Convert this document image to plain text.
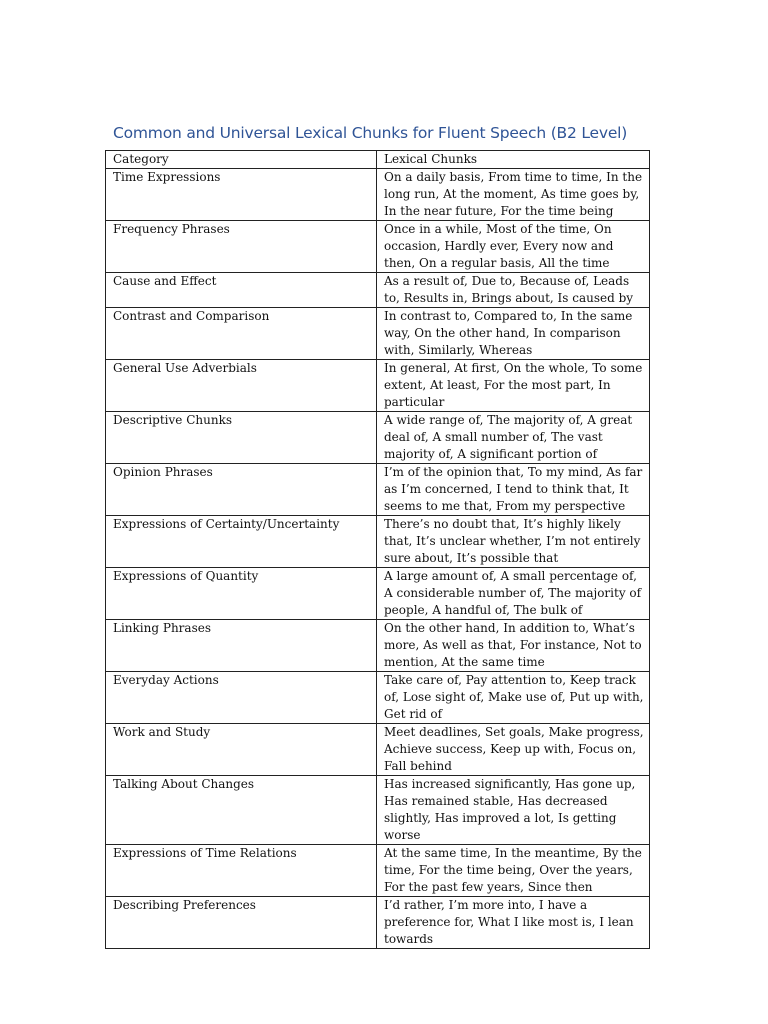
Common and Universal Lexical Chunks for Fluent Speech (B2 Level)
Category	Lexical Chunks
Time Expressions	On a daily basis, From time to time, In the long run, At the moment, As time goes by, In the near future, For the time being
Frequency Phrases	Once in a while, Most of the time, On occasion, Hardly ever, Every now and then, On a regular basis, All the time
Cause and Effect	As a result of, Due to, Because of, Leads to, Results in, Brings about, Is caused by
Contrast and Comparison	In contrast to, Compared to, In the same way, On the other hand, In comparison with, Similarly, Whereas
General Use Adverbials	In general, At first, On the whole, To some extent, At least, For the most part, In particular
Descriptive Chunks	A wide range of, The majority of, A great deal of, A small number of, The vast majority of, A significant portion of
Opinion Phrases	I’m of the opinion that, To my mind, As far as I’m concerned, I tend to think that, It seems to me that, From my perspective
Expressions of Certainty/Uncertainty	There’s no doubt that, It’s highly likely that, It’s unclear whether, I’m not entirely sure about, It’s possible that
Expressions of Quantity	A large amount of, A small percentage of, A considerable number of, The majority of people, A handful of, The bulk of
Linking Phrases	On the other hand, In addition to, What’s more, As well as that, For instance, Not to mention, At the same time
Everyday Actions	Take care of, Pay attention to, Keep track of, Lose sight of, Make use of, Put up with, Get rid of
Work and Study	Meet deadlines, Set goals, Make progress, Achieve success, Keep up with, Focus on, Fall behind
Talking About Changes	Has increased significantly, Has gone up, Has remained stable, Has decreased slightly, Has improved a lot, Is getting worse
Expressions of Time Relations	At the same time, In the meantime, By the time, For the time being, Over the years, For the past few years, Since then
Describing Preferences	I’d rather, I’m more into, I have a preference for, What I like most is, I lean towards
